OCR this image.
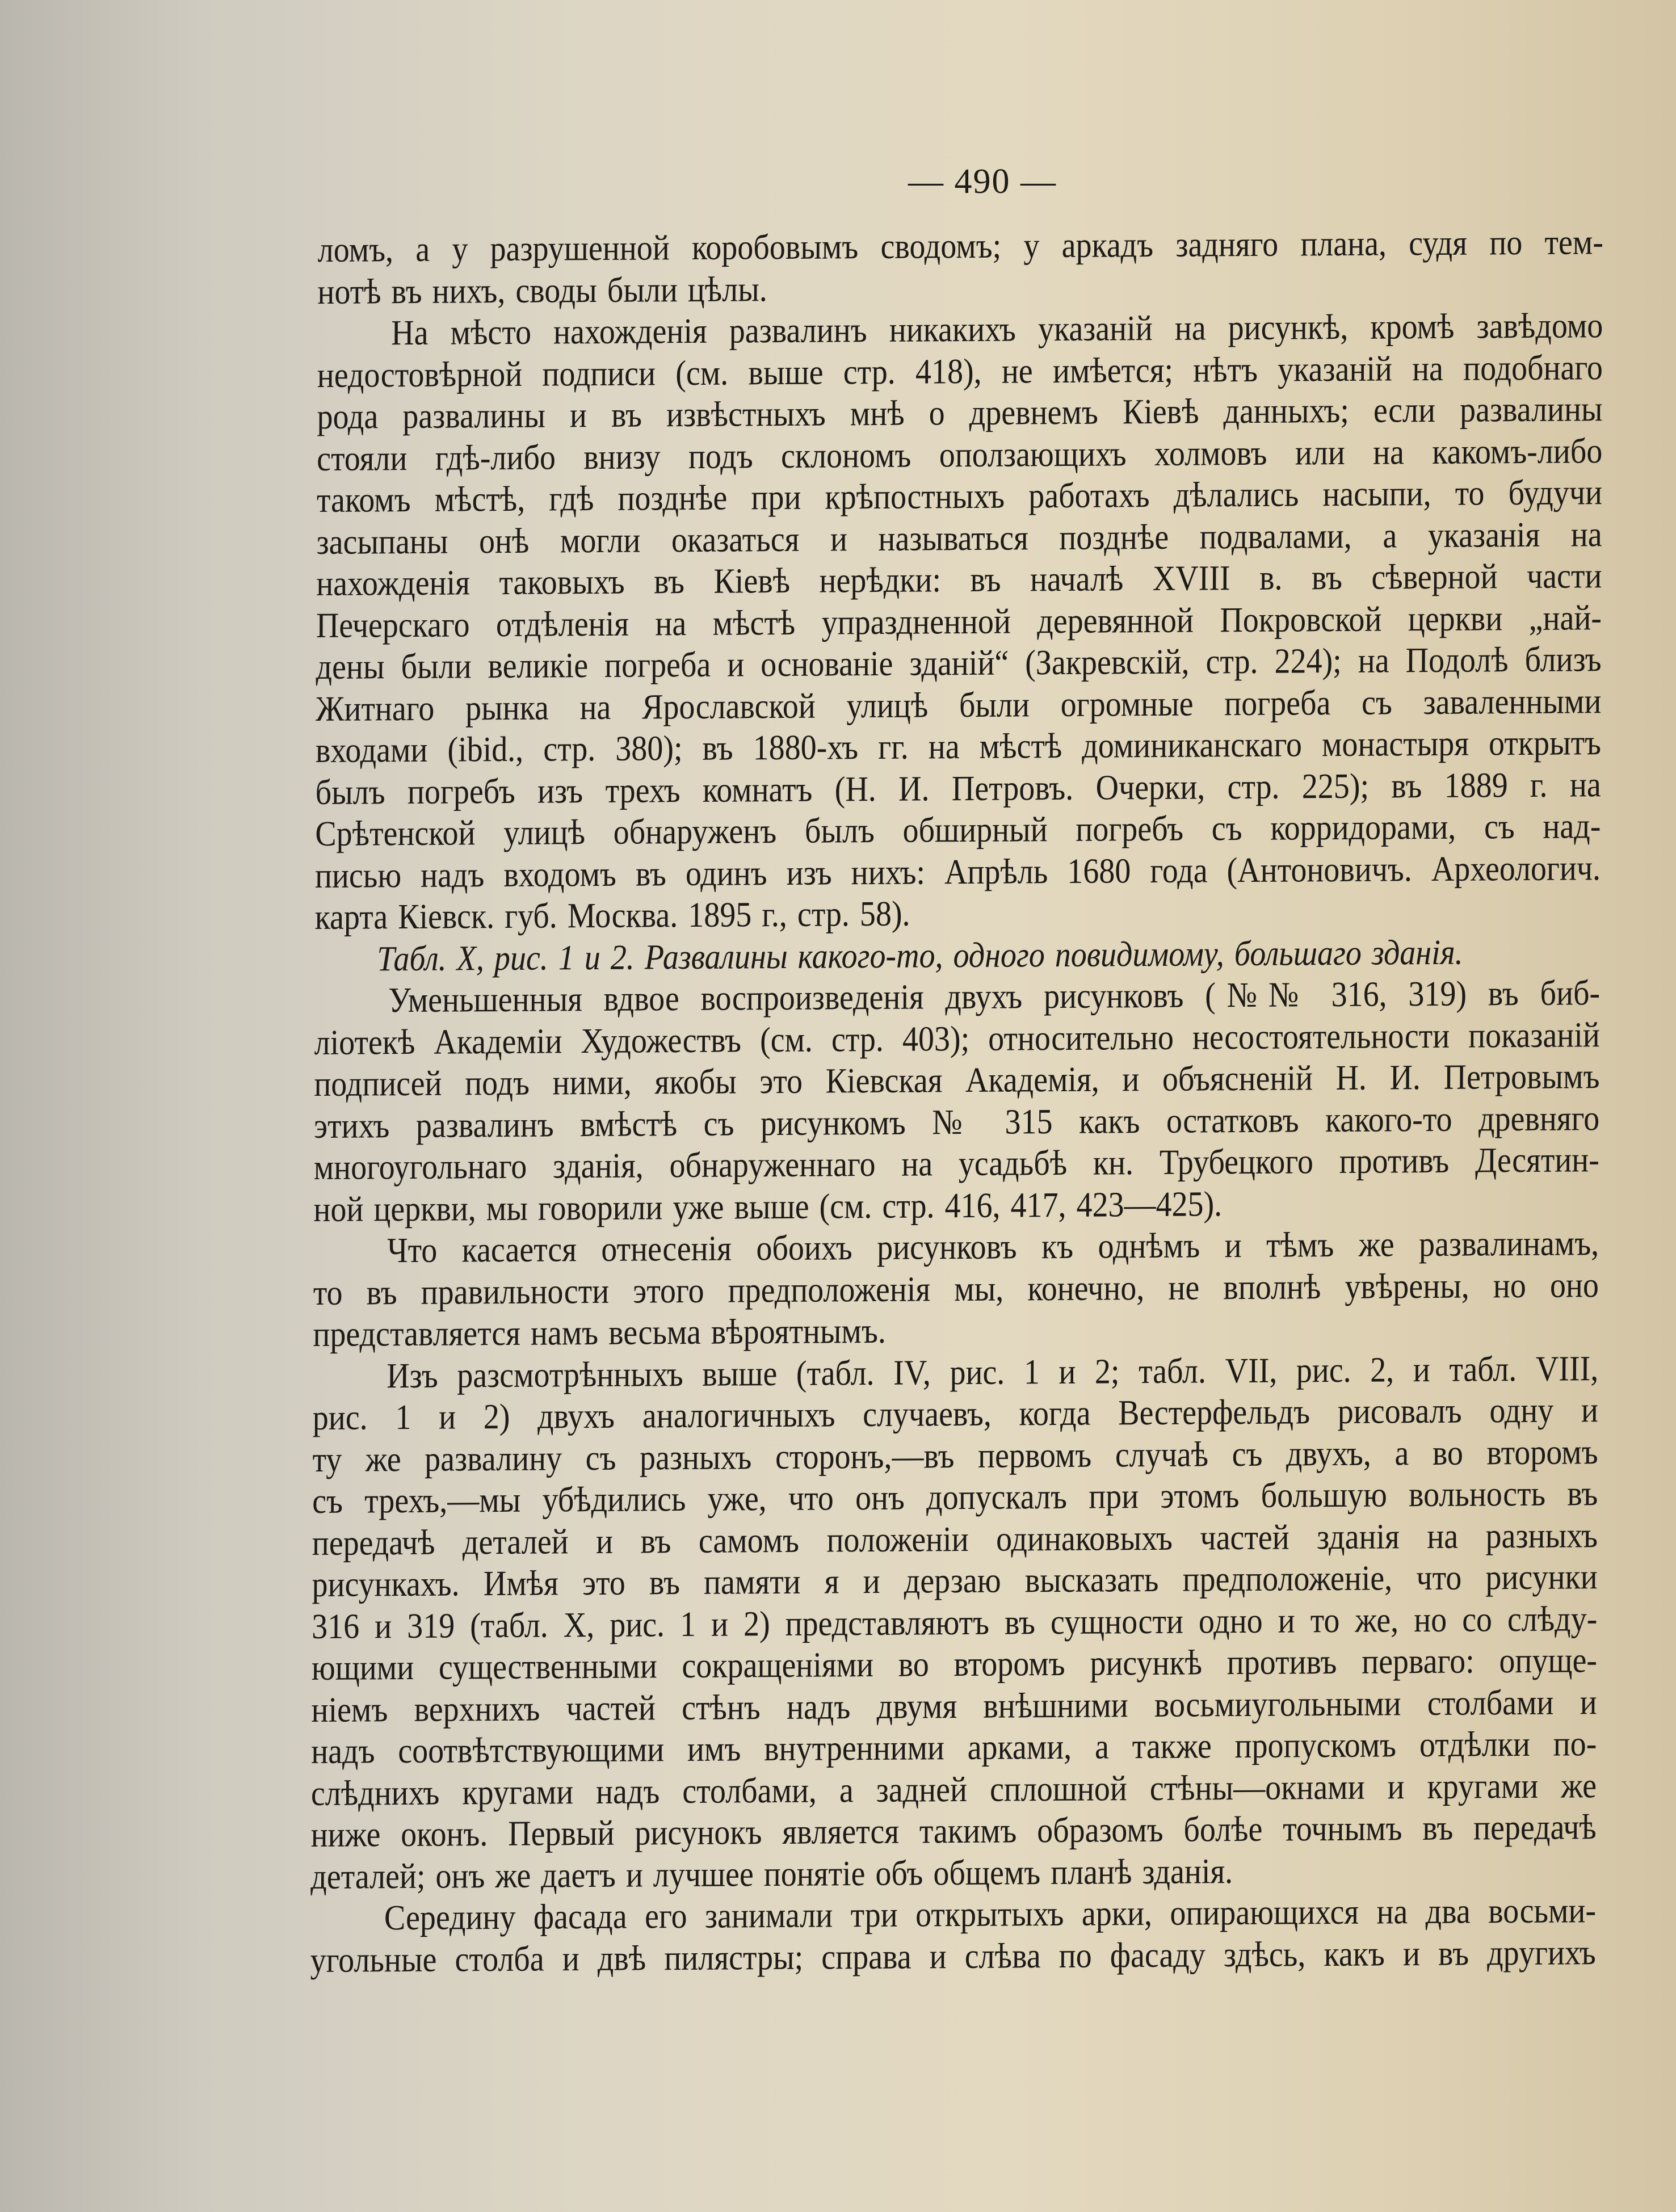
— 490 —
ломъ, а у разрушенной коробовымъ сводомъ; у аркадъ задняго плана, судя по тем-
нотѣ въ нихъ, своды были цѣлы.
На мѣсто нахожденія развалинъ никакихъ указаній на рисункѣ, кромѣ завѣдомо
недостовѣрной подписи (см. выше стр. 418), не имѣется; нѣтъ указаній на подобнаго
рода развалины и въ извѣстныхъ мнѣ о древнемъ Кіевѣ данныхъ; если развалины
стояли гдѣ-либо внизу подъ склономъ оползающихъ холмовъ или на какомъ-либо
такомъ мѣстѣ, гдѣ позднѣе при крѣпостныхъ работахъ дѣлались насыпи, то будучи
засыпаны онѣ могли оказаться и называться позднѣе подвалами, а указанія на
нахожденія таковыхъ въ Кіевѣ нерѣдки: въ началѣ XVIII в. въ сѣверной части
Печерскаго отдѣленія на мѣстѣ упраздненной деревянной Покровской церкви „най-
дены были великіе погреба и основаніе зданій“ (Закревскій, стр. 224); на Подолѣ близъ
Житнаго рынка на Ярославской улицѣ были огромные погреба съ заваленными
входами (ibid., стр. 380); въ 1880-хъ гг. на мѣстѣ доминиканскаго монастыря открытъ
былъ погребъ изъ трехъ комнатъ (Н. И. Петровъ. Очерки, стр. 225); въ 1889 г. на
Срѣтенской улицѣ обнаруженъ былъ обширный погребъ съ корридорами, съ над-
писью надъ входомъ въ одинъ изъ нихъ: Апрѣль 1680 года (Антоновичъ. Археологич.
карта Кіевск. губ. Москва. 1895 г., стр. 58).
Табл. X, рис. 1 и 2. Развалины какого-то, одного повидимому, большаго зданія.
Уменьшенныя вдвое воспроизведенія двухъ рисунковъ (№№ 316, 319) въ биб-
ліотекѣ Академіи Художествъ (см. стр. 403); относительно несостоятельности показаній
подписей подъ ними, якобы это Кіевская Академія, и объясненій Н. И. Петровымъ
этихъ развалинъ вмѣстѣ съ рисункомъ № 315 какъ остатковъ какого-то древняго
многоугольнаго зданія, обнаруженнаго на усадьбѣ кн. Трубецкого противъ Десятин-
ной церкви, мы говорили уже выше (см. стр. 416, 417, 423—425).
Что касается отнесенія обоихъ рисунковъ къ однѣмъ и тѣмъ же развалинамъ,
то въ правильности этого предположенія мы, конечно, не вполнѣ увѣрены, но оно
представляется намъ весьма вѣроятнымъ.
Изъ разсмотрѣнныхъ выше (табл. IV, рис. 1 и 2; табл. VII, рис. 2, и табл. VIII,
рис. 1 и 2) двухъ аналогичныхъ случаевъ, когда Вестерфельдъ рисовалъ одну и
ту же развалину съ разныхъ сторонъ,—въ первомъ случаѣ съ двухъ, а во второмъ
съ трехъ,—мы убѣдились уже, что онъ допускалъ при этомъ большую вольность въ
передачѣ деталей и въ самомъ положеніи одинаковыхъ частей зданія на разныхъ
рисункахъ. Имѣя это въ памяти я и дерзаю высказать предположеніе, что рисунки
316 и 319 (табл. X, рис. 1 и 2) представляютъ въ сущности одно и то же, но со слѣду-
ющими существенными сокращеніями во второмъ рисункѣ противъ перваго: опуще-
ніемъ верхнихъ частей стѣнъ надъ двумя внѣшними восьмиугольными столбами и
надъ соотвѣтствующими имъ внутренними арками, а также пропускомъ отдѣлки по-
слѣднихъ кругами надъ столбами, а задней сплошной стѣны—окнами и кругами же
ниже оконъ. Первый рисунокъ является такимъ образомъ болѣе точнымъ въ передачѣ
деталей; онъ же даетъ и лучшее понятіе объ общемъ планѣ зданія.
Середину фасада его занимали три открытыхъ арки, опирающихся на два восьми-
угольные столба и двѣ пилястры; справа и слѣва по фасаду здѣсь, какъ и въ другихъ
